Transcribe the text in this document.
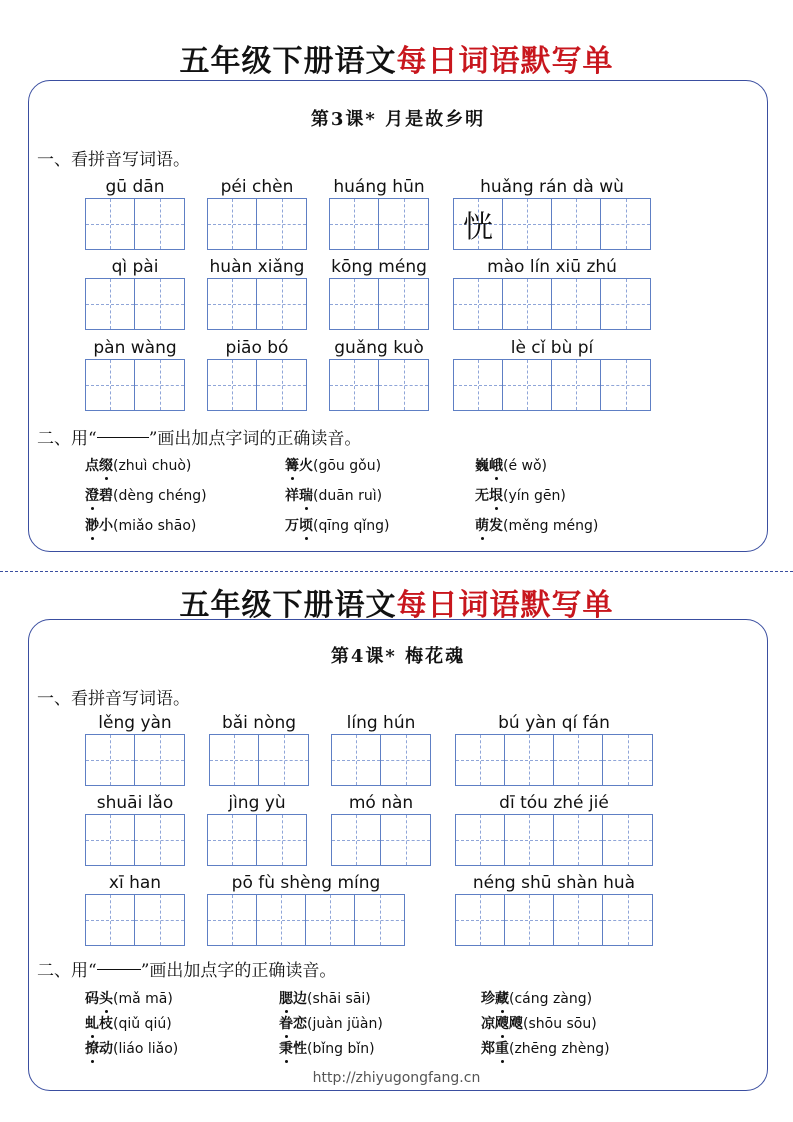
五年级下册语文每日词语默写单
第3课* 月是故乡明
一、看拼音写词语。
gū dān	péi chèn	huáng hūn	huǎng rán dà wù
恍
qì pài	huàn xiǎng	kōng méng	mào lín xiū zhú
pàn wàng	piāo bó	guǎng kuò	lè cǐ bù pí
二、用“	”画出加点字词的正确读音。
点缀(zhuì chuò)	篝火(gōu gǒu)	巍峨(é wǒ)
澄碧(dèng chéng)	祥瑞(duān ruì)	无垠(yín gēn)
渺小(miǎo shāo)	万顷(qīng qǐng)	萌发(měng méng)
五年级下册语文每日词语默写单
第4课* 梅花魂
一、看拼音写词语。
lěng yàn	bǎi nòng	líng hún	bú yàn qí fán
shuāi lǎo	jìng yù	mó nàn	dī tóu zhé jié
xī han	pō fù shèng míng	néng shū shàn huà
二、用“	”画出加点字的正确读音。
码头(mǎ mā)	腮边(shāi sāi)	珍藏(cáng zàng)
虬枝(qiǔ qiú)	眷恋(juàn jüàn)	凉飕飕(shōu sōu)
撩动(liáo liǎo)	秉性(bǐng bǐn)	郑重(zhēng zhèng)
http://zhiyugongfang.cn
